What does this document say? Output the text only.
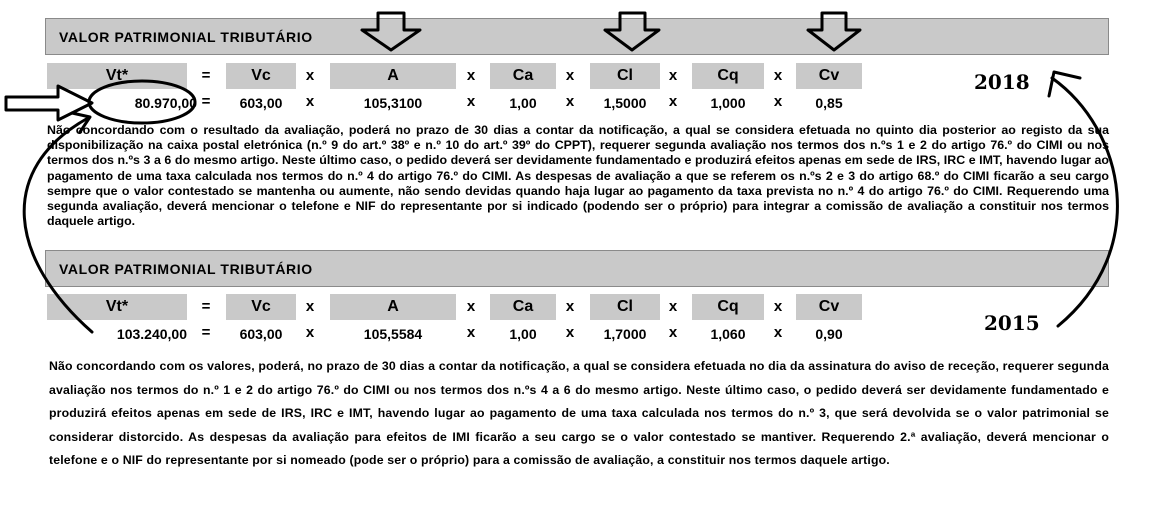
VALOR PATRIMONIAL TRIBUTÁRIO
Vt*	=	Vc	x	A	x	Ca	x	Cl	x	Cq	x	Cv
80.970,00 =	603,00	x	105,3100	x	1,00	x	1,5000	x	1,000	x	0,85
Não concordando com o resultado da avaliação, poderá no prazo de 30 dias a contar da notificação, a qual se considera efetuada no quinto dia posterior ao registo da sua disponibilização na caixa postal eletrónica (n.º 9 do art.º 38º e n.º 10 do art.º 39º do CPPT), requerer segunda avaliação nos termos dos n.ºs 1 e 2 do artigo 76.º do CIMI ou nos termos dos n.ºs 3 a 6 do mesmo artigo. Neste último caso, o pedido deverá ser devidamente fundamentado e produzirá efeitos apenas em sede de IRS, IRC e IMT, havendo lugar ao pagamento de uma taxa calculada nos termos do n.º 4 do artigo 76.º do CIMI. As despesas de avaliação a que se referem os n.ºs 2 e 3 do artigo 68.º do CIMI ficarão a seu cargo sempre que o valor contestado se mantenha ou aumente, não sendo devidas quando haja lugar ao pagamento da taxa prevista no n.º 4 do artigo 76.º do CIMI. Requerendo uma segunda avaliação, deverá mencionar o telefone e NIF do representante por si indicado (podendo ser o próprio) para integrar a comissão de avaliação a constituir nos termos daquele artigo.
VALOR PATRIMONIAL TRIBUTÁRIO
Vt*	=	Vc	x	A	x	Ca	x	Cl	x	Cq	x	Cv
103.240,00 =	603,00	x	105,5584	x	1,00	x	1,7000	x	1,060	x	0,90
Não concordando com os valores, poderá, no prazo de 30 dias a contar da notificação, a qual se considera efetuada no dia da assinatura do aviso de receção, requerer segunda avaliação nos termos do n.º 1 e 2 do artigo 76.º do CIMI ou nos termos dos n.ºs 4 a 6 do mesmo artigo. Neste último caso, o pedido deverá ser devidamente fundamentado e produzirá efeitos apenas em sede de IRS, IRC e IMT, havendo lugar ao pagamento de uma taxa calculada nos termos do n.º 3, que será devolvida se o valor patrimonial se considerar distorcido. As despesas da avaliação para efeitos de IMI ficarão a seu cargo se o valor contestado se mantiver. Requerendo 2.ª avaliação, deverá mencionar o telefone e o NIF do representante por si nomeado (pode ser o próprio) para a comissão de avaliação, a constituir nos termos daquele artigo.
2018
2015
